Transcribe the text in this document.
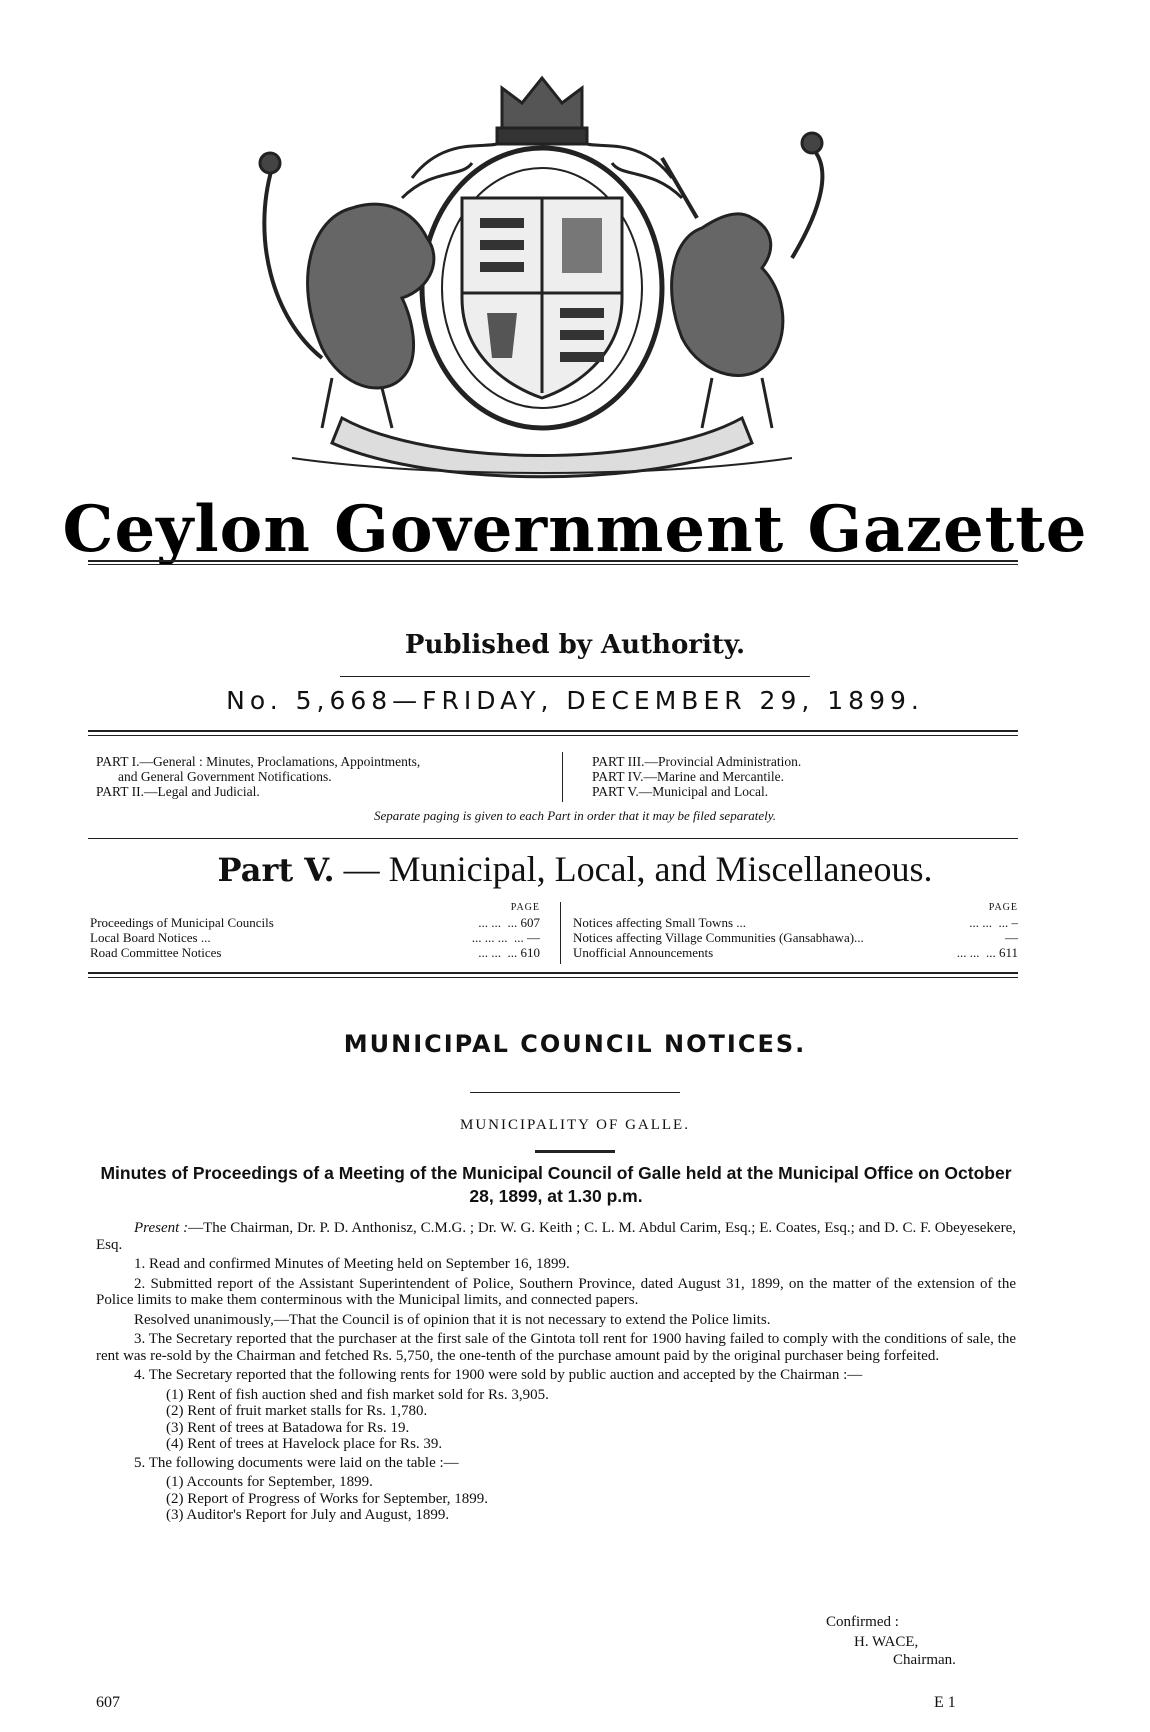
Ceylon Government Gazette
Published by Authority.
No. 5,668—FRIDAY, DECEMBER 29, 1899.
PART I.—General : Minutes, Proclamations, Appointments,
and General Government Notifications.
PART II.—Legal and Judicial.
PART III.—Provincial Administration.
PART IV.—Marine and Mercantile.
PART V.—Municipal and Local.
Separate paging is given to each Part in order that it may be filed separately.
Part V. — Municipal, Local, and Miscellaneous.
PAGE
Proceedings of Municipal Councils	... ...  ... 607
Local Board Notices ...	... ... ...  ... —
Road Committee Notices	... ...  ... 610
PAGE
Notices affecting Small Towns ...	... ...  ... –
Notices affecting Village Communities (Gansabhawa)...	—
Unofficial Announcements	... ...  ... 611
MUNICIPAL COUNCIL NOTICES.
MUNICIPALITY OF GALLE.
Minutes of Proceedings of a Meeting of the Municipal Council of Galle held at the Municipal Office on October 28, 1899, at 1.30 p.m.

Present :—The Chairman, Dr. P. D. Anthonisz, C.M.G. ; Dr. W. G. Keith ; C. L. M. Abdul Carim, Esq.; E. Coates, Esq.; and D. C. F. Obeyesekere, Esq.

1. Read and confirmed Minutes of Meeting held on September 16, 1899.

2. Submitted report of the Assistant Superintendent of Police, Southern Province, dated August 31, 1899, on the matter of the extension of the Police limits to make them conterminous with the Municipal limits, and connected papers.

Resolved unanimously,—That the Council is of opinion that it is not necessary to extend the Police limits.

3. The Secretary reported that the purchaser at the first sale of the Gintota toll rent for 1900 having failed to comply with the conditions of sale, the rent was re-sold by the Chairman and fetched Rs. 5,750, the one-tenth of the purchase amount paid by the original purchaser being forfeited.

4. The Secretary reported that the following rents for 1900 were sold by public auction and accepted by the Chairman :—

(1) Rent of fish auction shed and fish market sold for Rs. 3,905.
(2) Rent of fruit market stalls for Rs. 1,780.
(3) Rent of trees at Batadowa for Rs. 19.
(4) Rent of trees at Havelock place for Rs. 39.

5. The following documents were laid on the table :—

(1) Accounts for September, 1899.
(2) Report of Progress of Works for September, 1899.
(3) Auditor's Report for July and August, 1899.
Confirmed :
H. WACE,
Chairman.
607	E 1
